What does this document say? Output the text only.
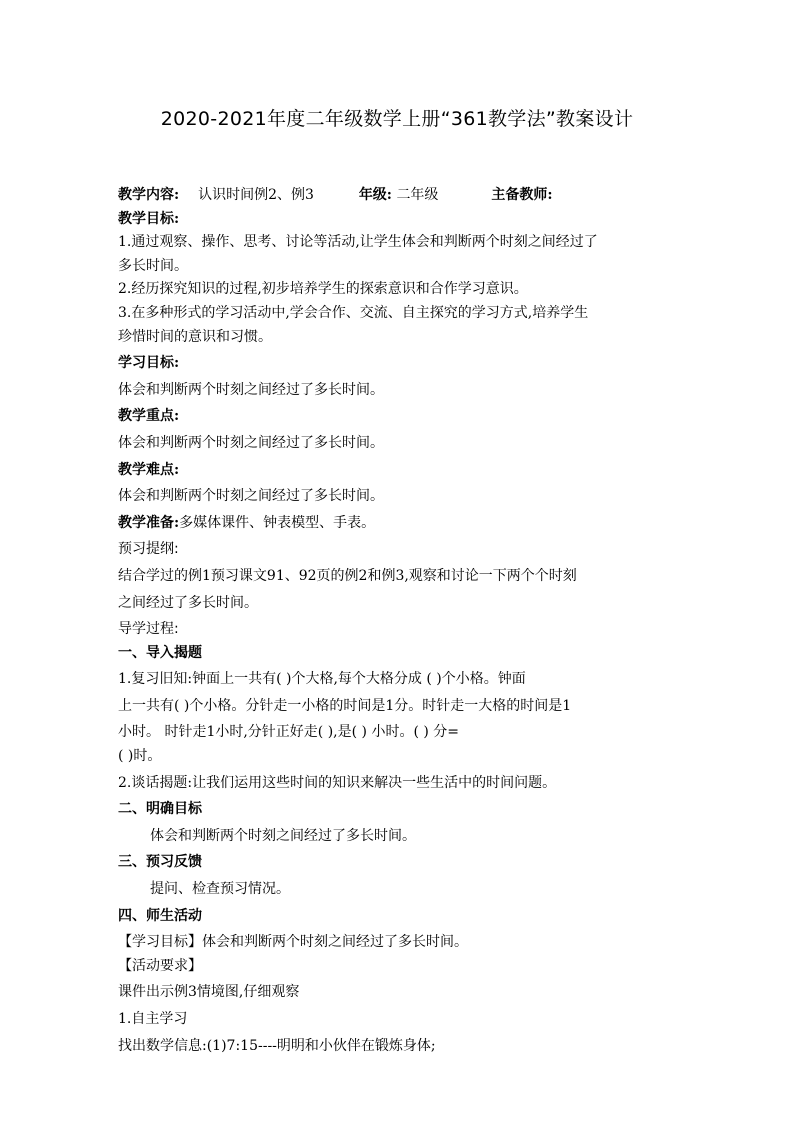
2020-2021年度二年级数学上册“361教学法”教案设计
教学内容: 认识时间例2、例3	年级: 二年级	主备教师:
教学目标:
1.通过观察、操作、思考、讨论等活动,让学生体会和判断两个时刻之间经过了
多长时间。
2.经历探究知识的过程,初步培养学生的探索意识和合作学习意识。
3.在多种形式的学习活动中,学会合作、交流、自主探究的学习方式,培养学生
珍惜时间的意识和习惯。
学习目标:
体会和判断两个时刻之间经过了多长时间。
教学重点:
体会和判断两个时刻之间经过了多长时间。
教学难点:
体会和判断两个时刻之间经过了多长时间。
教学准备:多媒体课件、钟表模型、手表。
预习提纲:
结合学过的例1预习课文91、92页的例2和例3,观察和讨论一下两个个时刻
之间经过了多长时间。
导学过程:
一、导入揭题
1.复习旧知:钟面上一共有( )个大格,每个大格分成 ( )个小格。钟面
上一共有( )个小格。分针走一小格的时间是1分。时针走一大格的时间是1
小时。 时针走1小时,分针正好走( ),是( ) 小时。( ) 分=
( )时。
2.谈话揭题:让我们运用这些时间的知识来解决一些生活中的时间问题。
二、明确目标
体会和判断两个时刻之间经过了多长时间。
三、预习反馈
提问、检查预习情况。
四、师生活动
【学习目标】体会和判断两个时刻之间经过了多长时间。
【活动要求】
课件出示例3情境图,仔细观察
1.自主学习
找出数学信息:(1)7:15----明明和小伙伴在锻炼身体;
